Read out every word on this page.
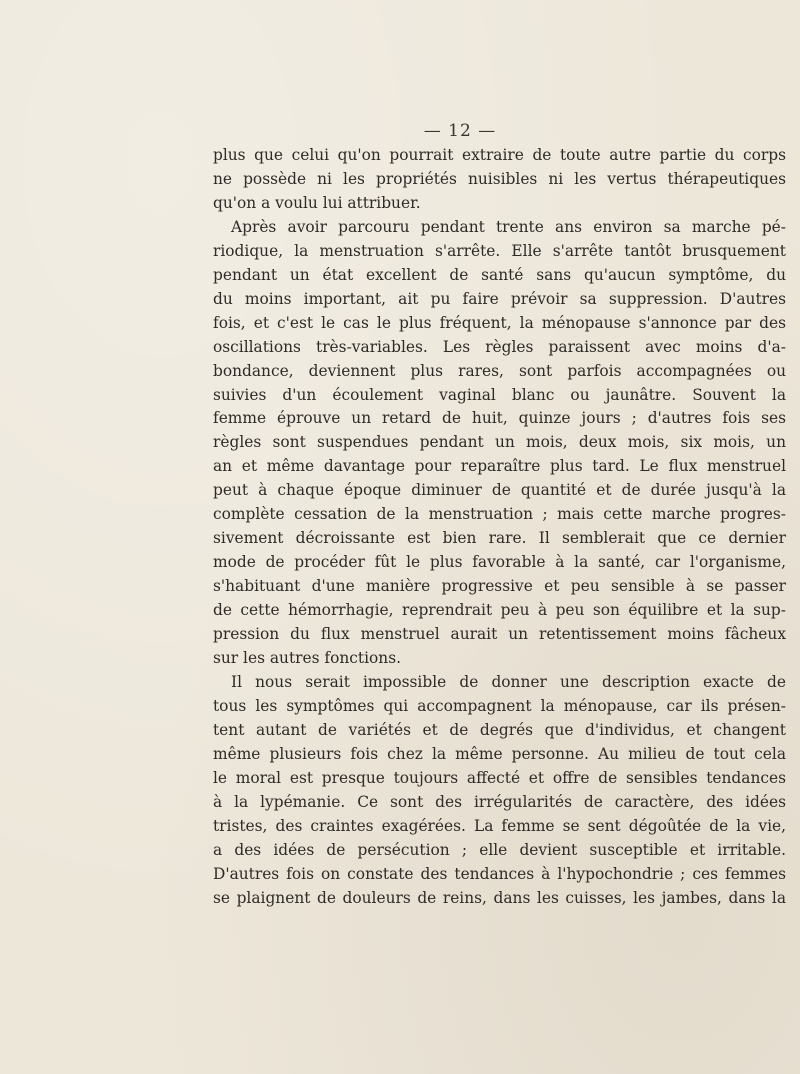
— 12 —
plus que celui qu'on pourrait extraire de toute autre partie du corps
ne possède ni les propriétés nuisibles ni les vertus thérapeutiques
qu'on a voulu lui attribuer.
Après avoir parcouru pendant trente ans environ sa marche pé-
riodique, la menstruation s'arrête. Elle s'arrête tantôt brusquement
pendant un état excellent de santé sans qu'aucun symptôme, du
du moins important, ait pu faire prévoir sa suppression. D'autres
fois, et c'est le cas le plus fréquent, la ménopause s'annonce par des
oscillations très-variables. Les règles paraissent avec moins d'a-
bondance, deviennent plus rares, sont parfois accompagnées ou
suivies d'un écoulement vaginal blanc ou jaunâtre. Souvent la
femme éprouve un retard de huit, quinze jours ; d'autres fois ses
règles sont suspendues pendant un mois, deux mois, six mois, un
an et même davantage pour reparaître plus tard. Le flux menstruel
peut à chaque époque diminuer de quantité et de durée jusqu'à la
complète cessation de la menstruation ; mais cette marche progres-
sivement décroissante est bien rare. Il semblerait que ce dernier
mode de procéder fût le plus favorable à la santé, car l'organisme,
s'habituant d'une manière progressive et peu sensible à se passer
de cette hémorrhagie, reprendrait peu à peu son équilibre et la sup-
pression du flux menstruel aurait un retentissement moins fâcheux
sur les autres fonctions.
Il nous serait impossible de donner une description exacte de
tous les symptômes qui accompagnent la ménopause, car ils présen-
tent autant de variétés et de degrés que d'individus, et changent
même plusieurs fois chez la même personne. Au milieu de tout cela
le moral est presque toujours affecté et offre de sensibles tendances
à la lypémanie. Ce sont des irrégularités de caractère, des idées
tristes, des craintes exagérées. La femme se sent dégoûtée de la vie,
a des idées de persécution ; elle devient susceptible et irritable.
D'autres fois on constate des tendances à l'hypochondrie ; ces femmes
se plaignent de douleurs de reins, dans les cuisses, les jambes, dans la
